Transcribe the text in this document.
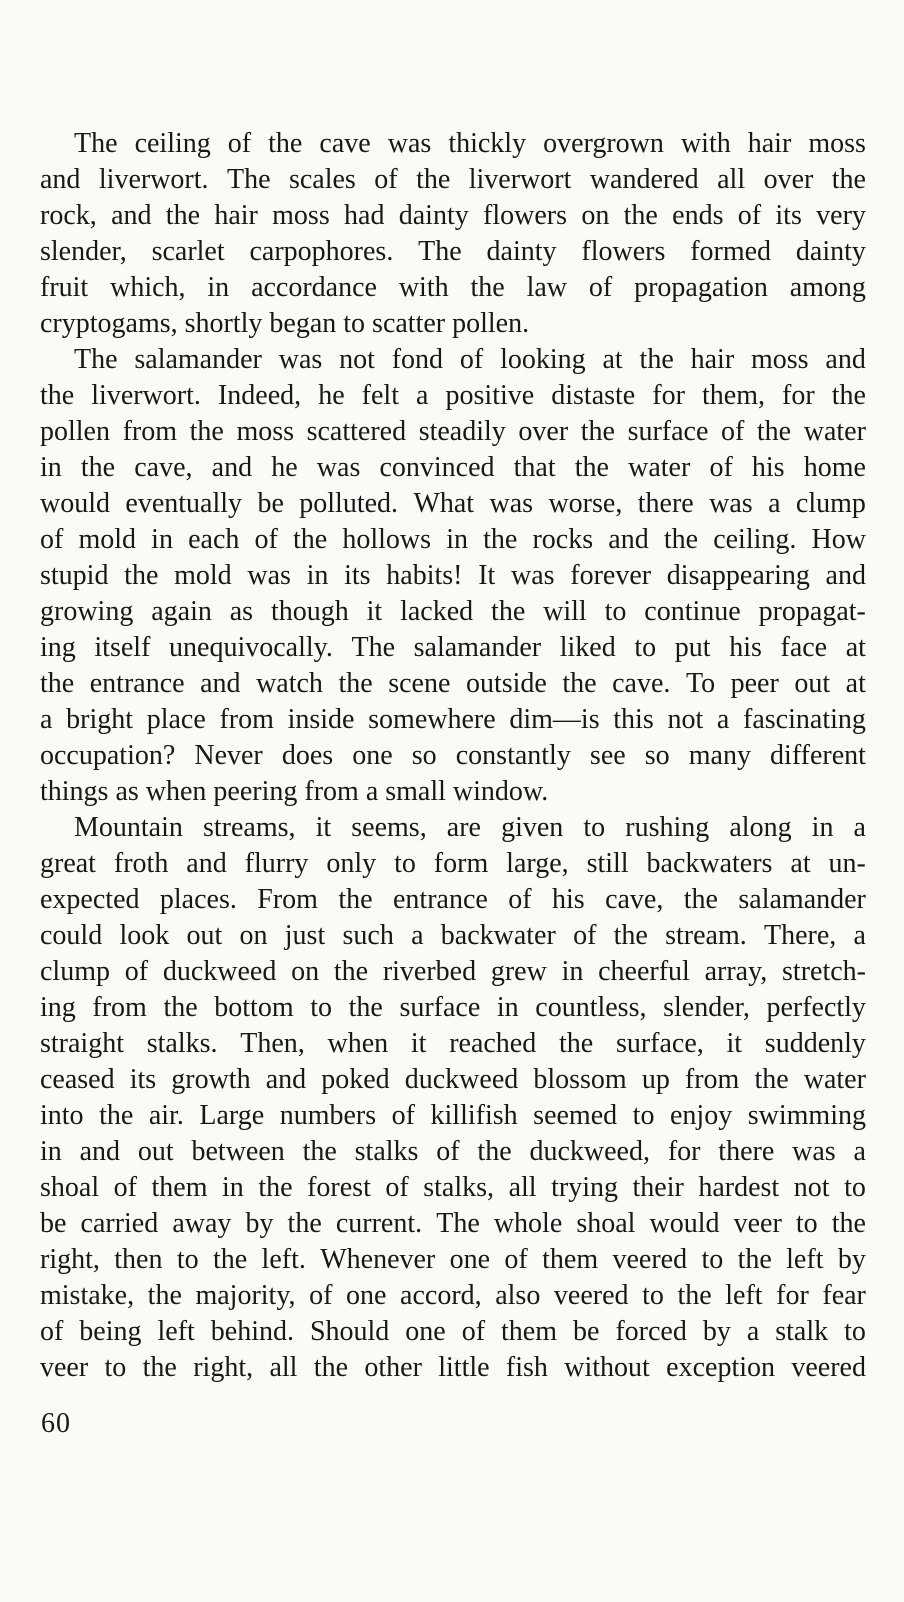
The ceiling of the cave was thickly overgrown with hair moss
and liverwort. The scales of the liverwort wandered all over the
rock, and the hair moss had dainty flowers on the ends of its very
slender, scarlet carpophores. The dainty flowers formed dainty
fruit which, in accordance with the law of propagation among
cryptogams, shortly began to scatter pollen.
The salamander was not fond of looking at the hair moss and
the liverwort. Indeed, he felt a positive distaste for them, for the
pollen from the moss scattered steadily over the surface of the water
in the cave, and he was convinced that the water of his home
would eventually be polluted. What was worse, there was a clump
of mold in each of the hollows in the rocks and the ceiling. How
stupid the mold was in its habits! It was forever disappearing and
growing again as though it lacked the will to continue propagat-
ing itself unequivocally. The salamander liked to put his face at
the entrance and watch the scene outside the cave. To peer out at
a bright place from inside somewhere dim—is this not a fascinating
occupation? Never does one so constantly see so many different
things as when peering from a small window.
Mountain streams, it seems, are given to rushing along in a
great froth and flurry only to form large, still backwaters at un-
expected places. From the entrance of his cave, the salamander
could look out on just such a backwater of the stream. There, a
clump of duckweed on the riverbed grew in cheerful array, stretch-
ing from the bottom to the surface in countless, slender, perfectly
straight stalks. Then, when it reached the surface, it suddenly
ceased its growth and poked duckweed blossom up from the water
into the air. Large numbers of killifish seemed to enjoy swimming
in and out between the stalks of the duckweed, for there was a
shoal of them in the forest of stalks, all trying their hardest not to
be carried away by the current. The whole shoal would veer to the
right, then to the left. Whenever one of them veered to the left by
mistake, the majority, of one accord, also veered to the left for fear
of being left behind. Should one of them be forced by a stalk to
veer to the right, all the other little fish without exception veered
60
